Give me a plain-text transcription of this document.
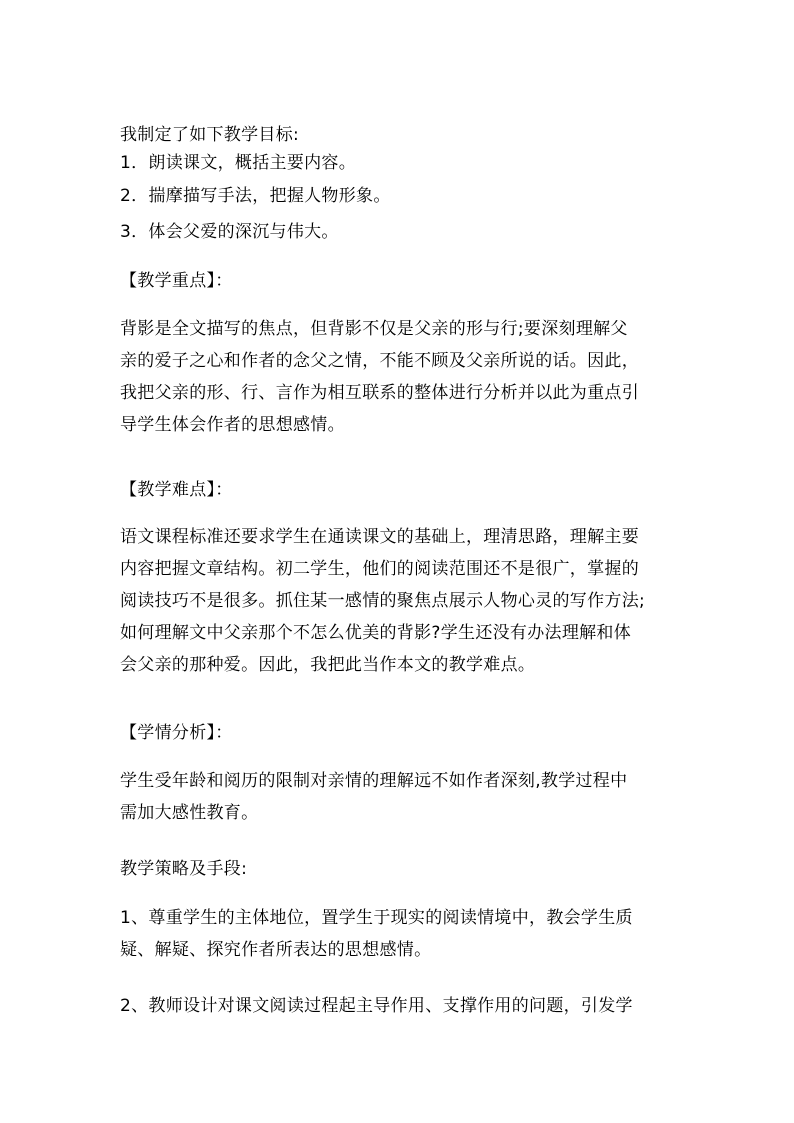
我制定了如下教学目标:
1．朗读课文，概括主要内容。
2．揣摩描写手法，把握人物形象。
3．体会父爱的深沉与伟大。
【教学重点】：
背影是全文描写的焦点，但背影不仅是父亲的形与行;要深刻理解父
亲的爱子之心和作者的念父之情，不能不顾及父亲所说的话。因此，
我把父亲的形、行、言作为相互联系的整体进行分析并以此为重点引
导学生体会作者的思想感情。
【教学难点】：
语文课程标准还要求学生在通读课文的基础上，理清思路，理解主要
内容把握文章结构。初二学生，他们的阅读范围还不是很广，掌握的
阅读技巧不是很多。抓住某一感情的聚焦点展示人物心灵的写作方法;
如何理解文中父亲那个不怎么优美的背影?学生还没有办法理解和体
会父亲的那种爱。因此，我把此当作本文的教学难点。
【学情分析】：
学生受年龄和阅历的限制对亲情的理解远不如作者深刻,教学过程中
需加大感性教育。
教学策略及手段:
1、尊重学生的主体地位，置学生于现实的阅读情境中，教会学生质
疑、解疑、探究作者所表达的思想感情。
2、教师设计对课文阅读过程起主导作用、支撑作用的问题，引发学
